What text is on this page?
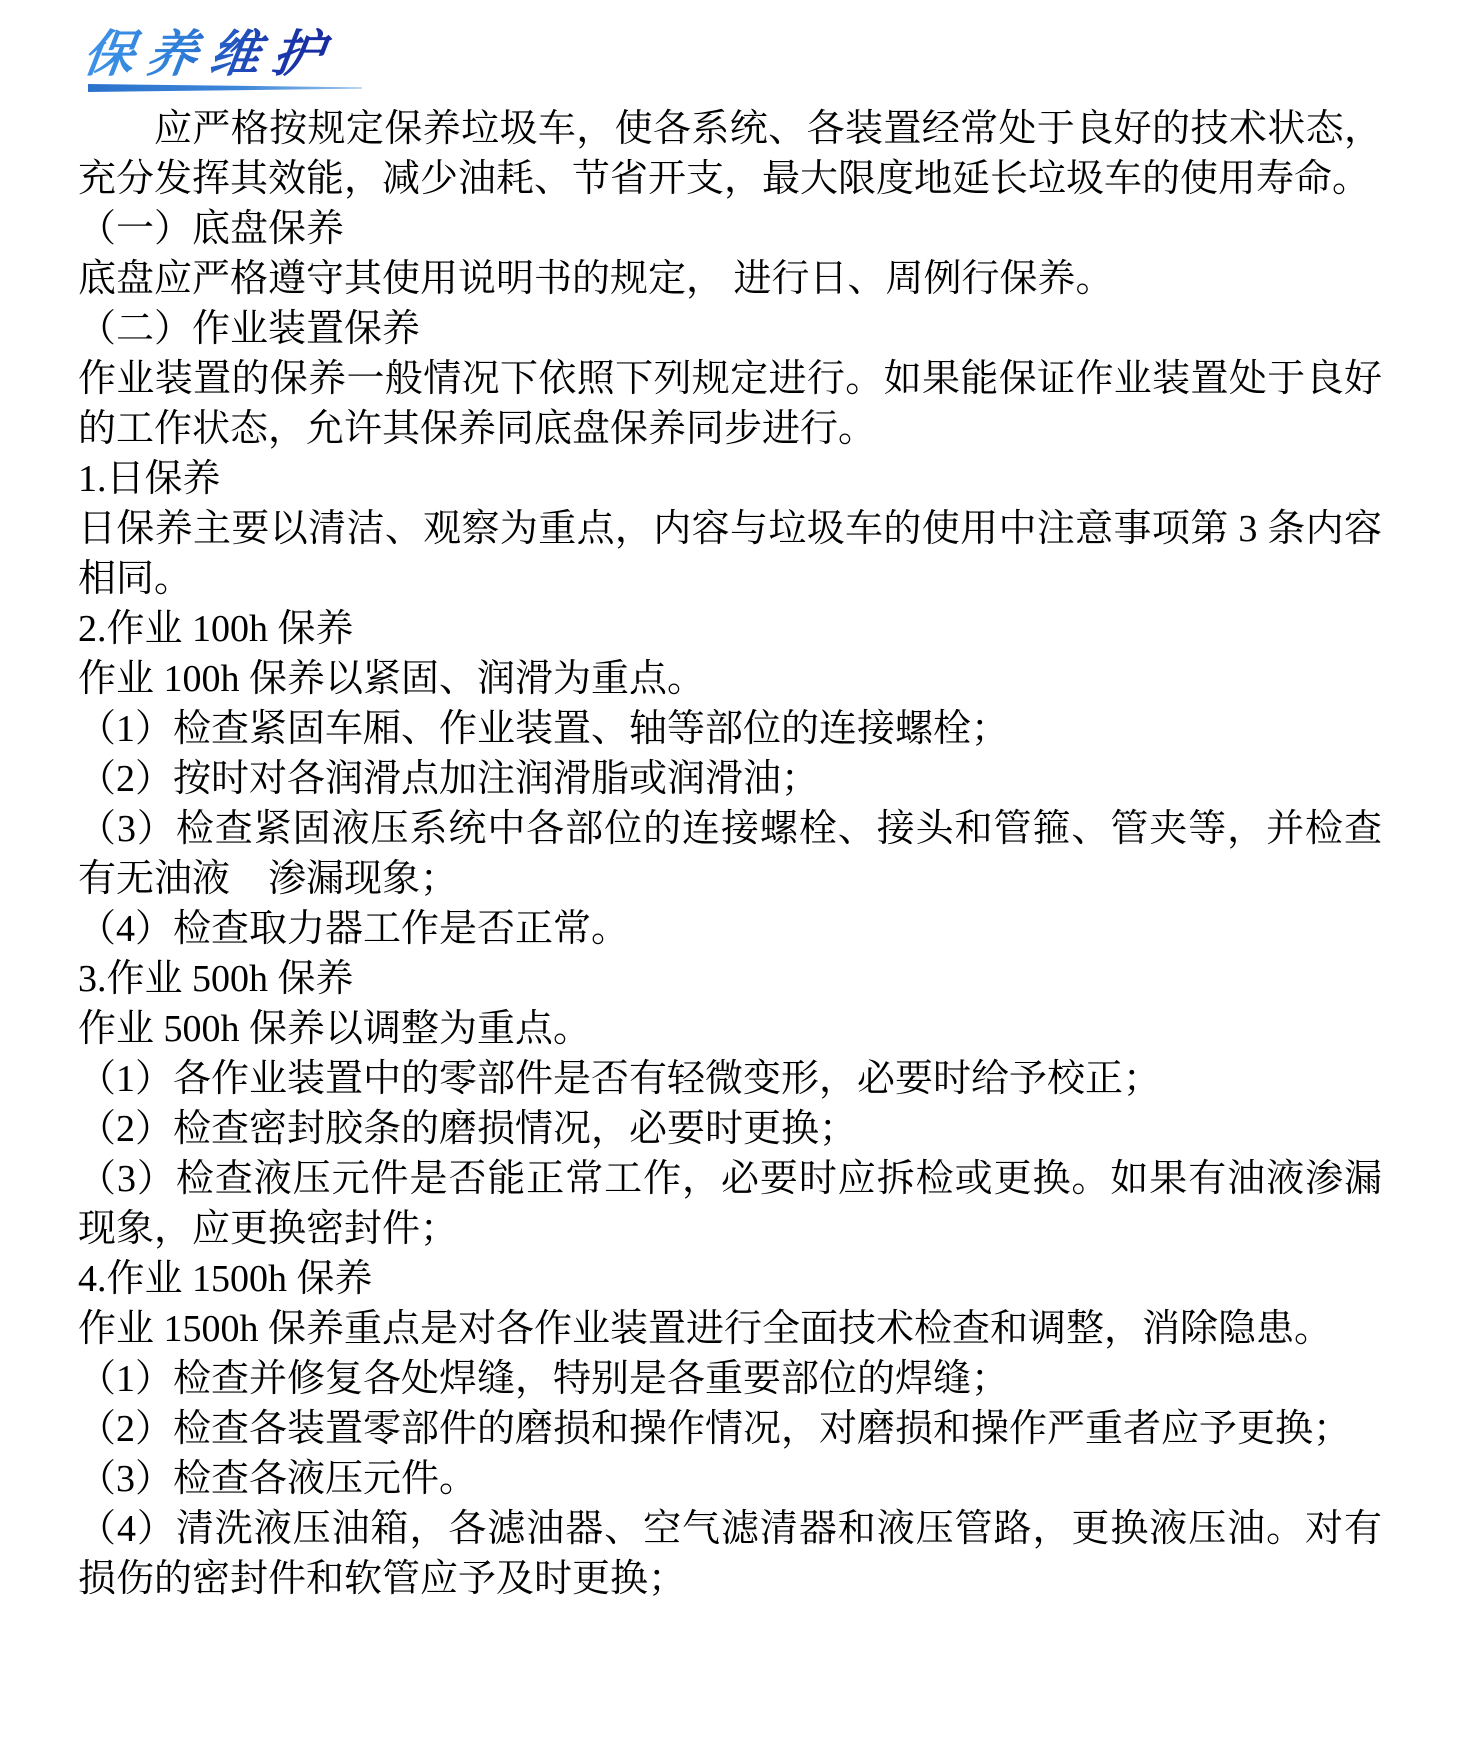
保养维护

应严格按规定保养垃圾车，使各系统、各装置经常处于良好的技术状态，充分发挥其效能，减少油耗、节省开支，最大限度地延长垃圾车的使用寿命。

（一）底盘保养

底盘应严格遵守其使用说明书的规定， 进行日、周例行保养。

（二）作业装置保养

作业装置的保养一般情况下依照下列规定进行。如果能保证作业装置处于良好的工作状态，允许其保养同底盘保养同步进行。

1.日保养

日保养主要以清洁、观察为重点，内容与垃圾车的使用中注意事项第 3 条内容相同。

2.作业 100h 保养

作业 100h 保养以紧固、润滑为重点。

（1）检查紧固车厢、作业装置、轴等部位的连接螺栓；

（2）按时对各润滑点加注润滑脂或润滑油；

（3）检查紧固液压系统中各部位的连接螺栓、接头和管箍、管夹等，并检查有无油液　渗漏现象；

（4）检查取力器工作是否正常。

3.作业 500h 保养

作业 500h 保养以调整为重点。

（1）各作业装置中的零部件是否有轻微变形，必要时给予校正；

（2）检查密封胶条的磨损情况，必要时更换；

（3）检查液压元件是否能正常工作，必要时应拆检或更换。如果有油液渗漏现象，应更换密封件；

4.作业 1500h 保养

作业 1500h 保养重点是对各作业装置进行全面技术检查和调整，消除隐患。

（1）检查并修复各处焊缝，特别是各重要部位的焊缝；

（2）检查各装置零部件的磨损和操作情况，对磨损和操作严重者应予更换；

（3）检查各液压元件。

（4）清洗液压油箱，各滤油器、空气滤清器和液压管路，更换液压油。对有损伤的密封件和软管应予及时更换；
